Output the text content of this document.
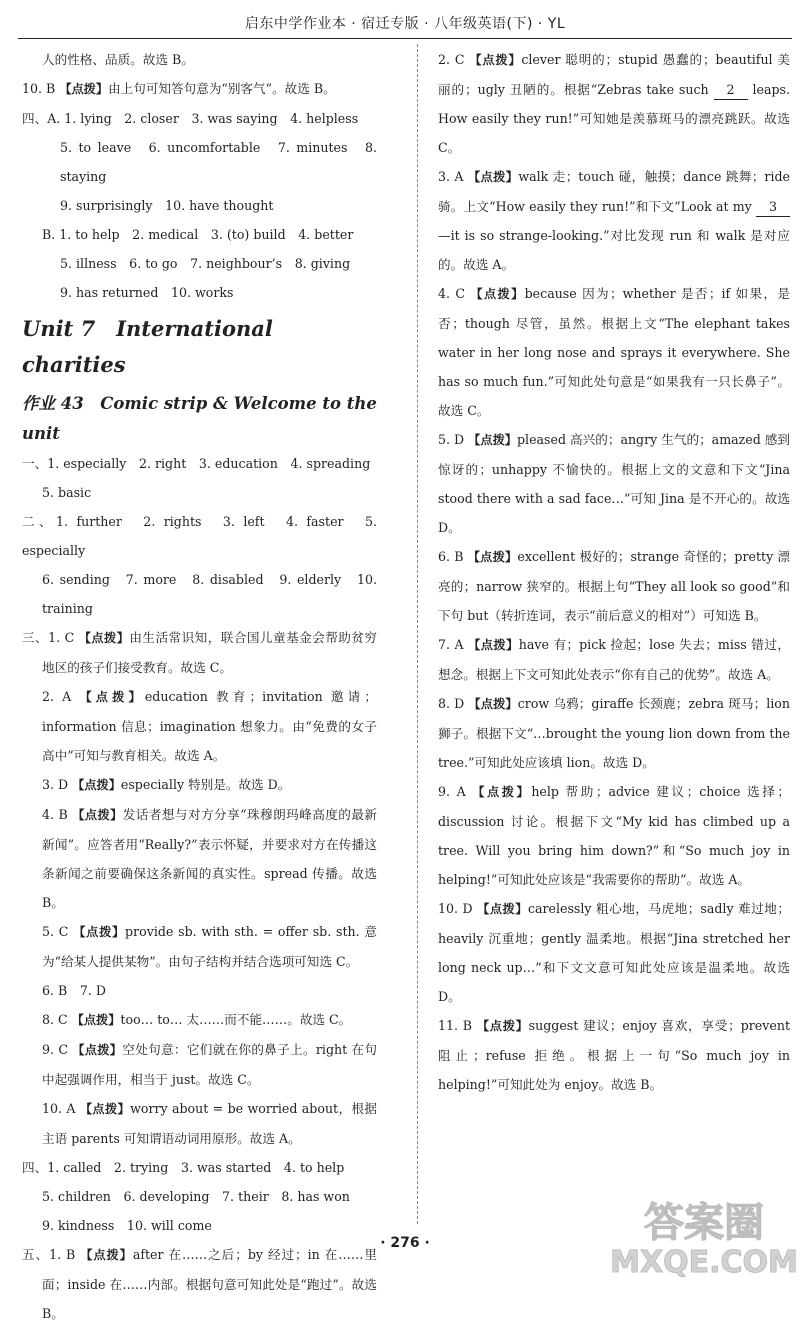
启东中学作业本 · 宿迁专版 · 八年级英语(下) · YL
人的性格、品质。故选 B。
10. B 【点拨】由上句可知答句意为“别客气”。故选 B。
四、A. 1. lying　2. closer　3. was saying　4. helpless
5. to leave　6. uncomfortable　7. minutes　8. staying
9. surprisingly　10. have thought
B. 1. to help　2. medical　3. (to) build　4. better
5. illness　6. to go　7. neighbour’s　8. giving
9. has returned　10. works
Unit 7　International charities
作业 43　Comic strip & Welcome to the unit
一、1. especially　2. right　3. education　4. spreading
5. basic
二、1. further　2. rights　3. left　4. faster　5. especially
6. sending　7. more　8. disabled　9. elderly　10. training
三、1. C 【点拨】由生活常识知，联合国儿童基金会帮助贫穷地区的孩子们接受教育。故选 C。
2. A 【点拨】education 教育；invitation 邀请；information 信息；imagination 想象力。由“免费的女子高中”可知与教育相关。故选 A。
3. D 【点拨】especially 特别是。故选 D。
4. B 【点拨】发话者想与对方分享“珠穆朗玛峰高度的最新新闻”。应答者用“Really?”表示怀疑，并要求对方在传播这条新闻之前要确保这条新闻的真实性。spread 传播。故选 B。
5. C 【点拨】provide sb. with sth. = offer sb. sth. 意为“给某人提供某物”。由句子结构并结合选项可知选 C。
6. B　7. D
8. C 【点拨】too… to… 太……而不能……。故选 C。
9. C 【点拨】空处句意：它们就在你的鼻子上。right 在句中起强调作用，相当于 just。故选 C。
10. A 【点拨】worry about = be worried about，根据主语 parents 可知谓语动词用原形。故选 A。
四、1. called　2. trying　3. was started　4. to help
5. children　6. developing　7. their　8. has won
9. kindness　10. will come
五、1. B 【点拨】after 在……之后；by 经过；in 在……里面；inside 在……内部。根据句意可知此处是“跑过”。故选 B。
2. C 【点拨】clever 聪明的；stupid 愚蠢的；beautiful 美丽的；ugly 丑陋的。根据“Zebras take such 2 leaps. How easily they run!”可知她是羡慕斑马的漂亮跳跃。故选 C。
3. A 【点拨】walk 走；touch 碰，触摸；dance 跳舞；ride 骑。上文“How easily they run!”和下文“Look at my 3—it is so strange-looking.”对比发现 run 和 walk 是对应的。故选 A。
4. C 【点拨】because 因为；whether 是否；if 如果，是否；though 尽管，虽然。根据上文“The elephant takes water in her long nose and sprays it everywhere. She has so much fun.”可知此处句意是“如果我有一只长鼻子”。故选 C。
5. D 【点拨】pleased 高兴的；angry 生气的；amazed 感到惊讶的；unhappy 不愉快的。根据上文的文意和下文“Jina stood there with a sad face…”可知 Jina 是不开心的。故选 D。
6. B 【点拨】excellent 极好的；strange 奇怪的；pretty 漂亮的；narrow 狭窄的。根据上句“They all look so good”和下句 but（转折连词，表示“前后意义的相对”）可知选 B。
7. A 【点拨】have 有；pick 捡起；lose 失去；miss 错过，想念。根据上下文可知此处表示“你有自己的优势”。故选 A。
8. D 【点拨】crow 乌鸦；giraffe 长颈鹿；zebra 斑马；lion 狮子。根据下文“…brought the young lion down from the tree.”可知此处应该填 lion。故选 D。
9. A 【点拨】help 帮助；advice 建议；choice 选择；discussion 讨论。根据下文“My kid has climbed up a tree. Will you bring him down?”和“So much joy in helping!”可知此处应该是“我需要你的帮助”。故选 A。
10. D 【点拨】carelessly 粗心地，马虎地；sadly 难过地；heavily 沉重地；gently 温柔地。根据“Jina stretched her long neck up…”和下文文意可知此处应该是温柔地。故选 D。
11. B 【点拨】suggest 建议；enjoy 喜欢，享受；prevent 阻止；refuse 拒绝。根据上一句“So much joy in helping!”可知此处为 enjoy。故选 B。
· 276 ·	答案圈
MXQE.COM
